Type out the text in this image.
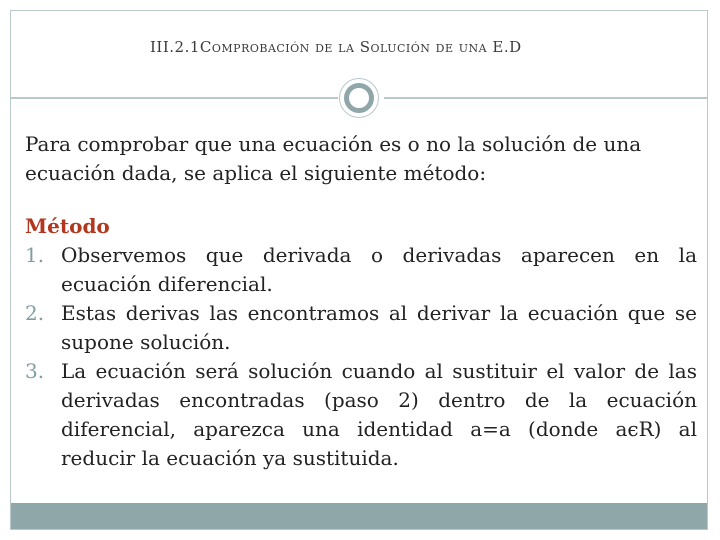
III.2.1Comprobación de la Solución de una E.D

Para comprobar que una ecuación es o no la solución de una ecuación dada, se aplica el siguiente método:

Método

1. Observemos que derivada o derivadas aparecen en la ecuación diferencial.
2. Estas derivas las encontramos al derivar la ecuación que se supone solución.
3. La ecuación será solución cuando al sustituir el valor de las derivadas encontradas (paso 2) dentro de la ecuación diferencial, aparezca una identidad a=a (donde aϵR) al reducir la ecuación ya sustituida.
